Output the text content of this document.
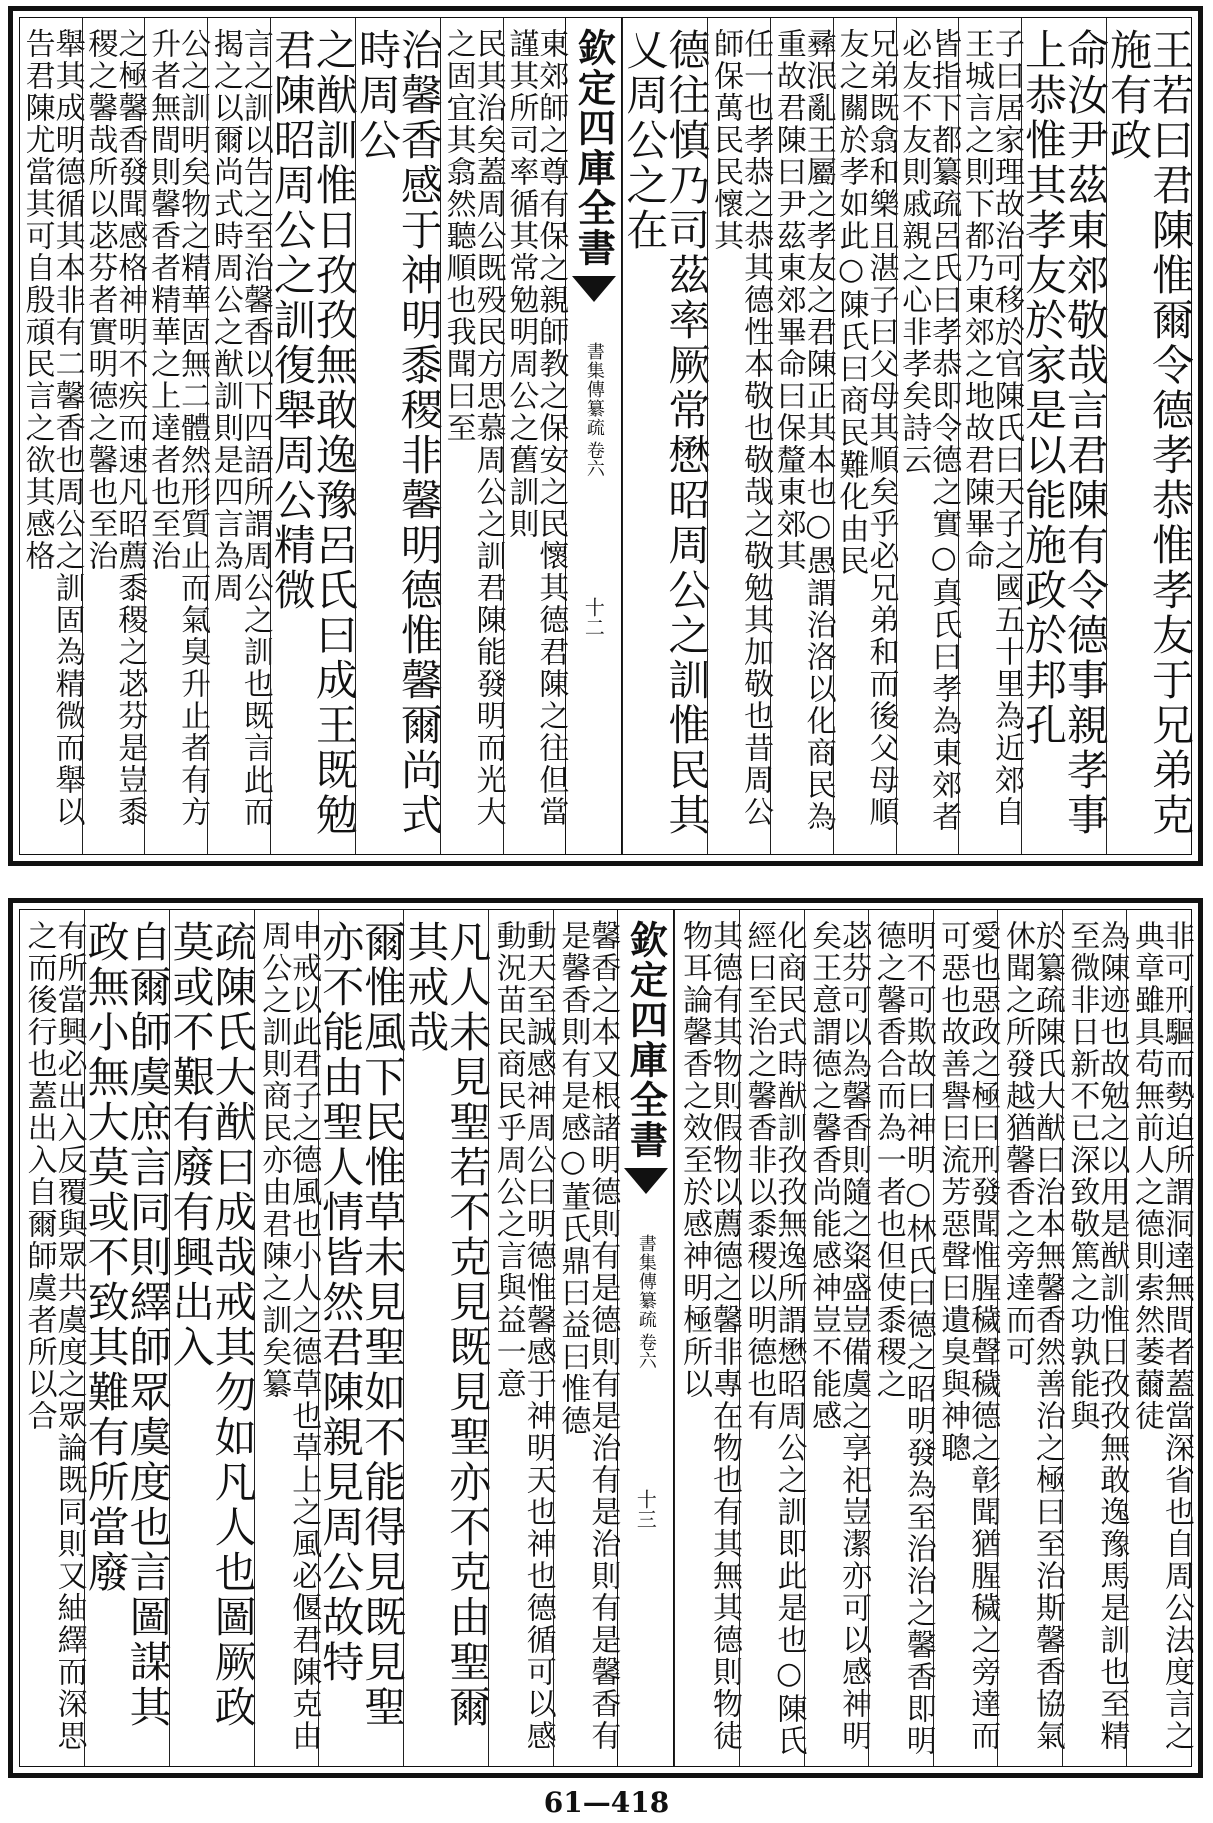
王若曰君陳惟爾令德孝恭惟孝友于兄弟克施有政
命汝尹茲東郊敬哉言君陳有令德事親孝事上恭惟其孝友於家是以能施政於邦孔
子曰居家理故治可移於官陳氏曰天子之國五十里為近郊自王城言之則下都乃東郊之地故君陳畢命
皆指下都纂疏呂氏曰孝恭即令德之實○真氏曰孝為東郊者必友不友則戚親之心非孝矣詩云
兄弟既翕和樂且湛子曰父母其順矣乎必兄弟和而後父母順友之關於孝如此○陳氏曰商民難化由民
彞泯亂王屬之孝友之君陳正其本也○愚謂治洛以化商民為重故君陳曰尹茲東郊畢命曰保釐東郊其
任一也孝恭之恭其德性本敬也敬哉之敬勉其加敬也昔周公師保萬民民懷其
德往慎乃司茲率厥常懋昭周公之訓惟民其乂周公之在
欽定四庫全書
書集傳纂疏
卷六
十二
東郊師之尊有保之親師教之保安之民懷其德君陳之往但當謹其所司率循其常勉明周公之舊訓則
民其治矣蓋周公既殁民方思慕周公之訓君陳能發明而光大之固宜其翕然聽順也我聞曰至
治馨香感于神明黍稷非馨明德惟馨爾尚式時周公
之猷訓惟日孜孜無敢逸豫呂氏曰成王既勉君陳昭周公之訓復舉周公精微
言之訓以告之至治馨香以下四語所謂周公之訓也既言此而揭之以爾尚式時周公之猷訓則是四言為周
公之訓明矣物之精華固無二體然形質止而氣臭升止者有方升者無間則馨香者精華之上達者也至治
之極馨香發聞感格神明不疾而速凡昭薦黍稷之苾芬是豈黍稷之馨哉所以苾芬者實明德之馨也至治
舉其成明德循其本非有二馨香也周公之訓固為精微而舉以告君陳尤當其可自殷頑民言之欲其感格
非可刑驅而勢迫所謂洞達無間者蓋當深省也自周公法度言之典章雖具苟無前人之德則索然萎薾徒
為陳迹也故勉之以用是猷訓惟日孜孜無敢逸豫馬是訓也至精至微非日新不已深致敬篤之功孰能與
於纂疏陳氏大猷曰治本無馨香然善治之極曰至治斯馨香協氣休聞之所發越猶馨香之旁達而可
愛也惡政之極曰刑發聞惟腥穢聲穢德之彰聞猶腥穢之旁達而可惡也故善譽曰流芳惡聲曰遺臭與神聰
明不可欺故曰神明○林氏曰德之昭明發為至治治之馨香即明德之馨香合而為一者也但使黍稷之
苾芬可以為馨香則隨之粢盛豈備虞之享祀豈潔亦可以感神明矣王意謂德之馨香尚能感神豈不能感
化商民式時猷訓孜孜無逸所謂懋昭周公之訓即此是也○陳氏經曰至治之馨香非以黍稷以明德也有
其德有其物則假物以薦德之馨非專在物也有其無其德則物徒物耳論馨香之效至於感神明極所以
欽定四庫全書
書集傳纂疏
卷六
十三
馨香之本又根諸明德則有是德則有是治有是治則有是馨香有是馨香則有是感○董氏鼎曰益曰惟德
動天至誠感神周公曰明德惟馨感于神明天也神也德循可以感動況苗民商民乎周公之言與益一意
凡人未見聖若不克見既見聖亦不克由聖爾其戒哉
爾惟風下民惟草未見聖如不能得見既見聖亦不能由聖人情皆然君陳親見周公故特
申戒以此君子之德風也小人之德草也草上之風必偃君陳克由周公之訓則商民亦由君陳之訓矣纂
疏陳氏大猷曰成哉戒其勿如凡人也圖厥政莫或不艱有廢有興出入
自爾師虞庶言同則繹師眾虞度也言圖謀其政無小無大莫或不致其難有所當廢
有所當興必出入反覆與眾共虞度之眾論既同則又紬繹而深思之而後行也蓋出入自爾師虞者所以合
61—418
